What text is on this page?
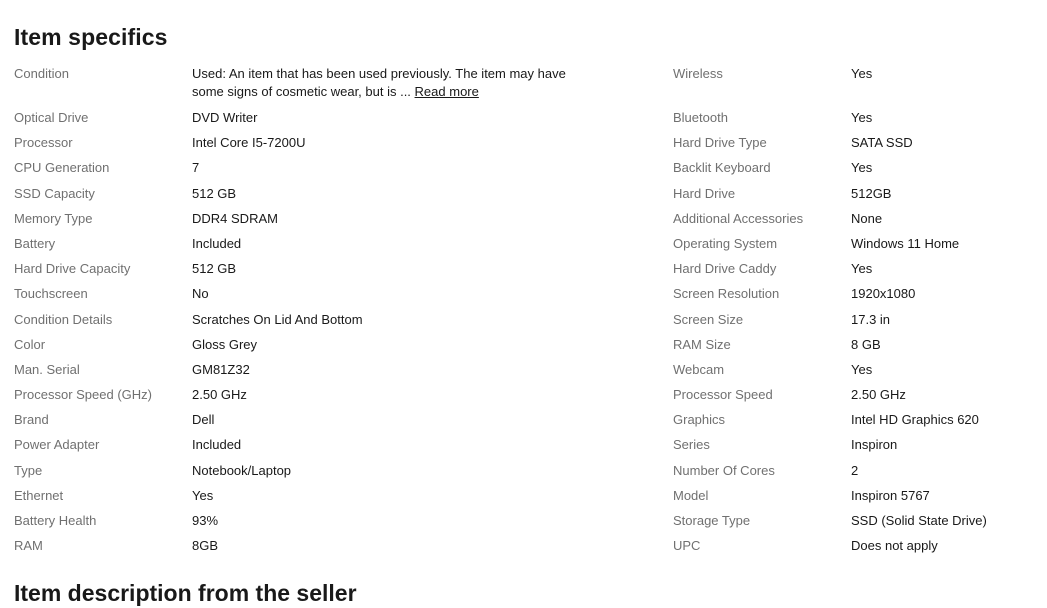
Item specifics
Condition	Used: An item that has been used previously. The item may have some signs of cosmetic wear, but is ... Read more
Optical Drive	DVD Writer
Processor	Intel Core I5-7200U
CPU Generation	7
SSD Capacity	512 GB
Memory Type	DDR4 SDRAM
Battery	Included
Hard Drive Capacity	512 GB
Touchscreen	No
Condition Details	Scratches On Lid And Bottom
Color	Gloss Grey
Man. Serial	GM81Z32
Processor Speed (GHz)	2.50 GHz
Brand	Dell
Power Adapter	Included
Type	Notebook/Laptop
Ethernet	Yes
Battery Health	93%
RAM	8GB
Wireless	Yes
Bluetooth	Yes
Hard Drive Type	SATA SSD
Backlit Keyboard	Yes
Hard Drive	512GB
Additional Accessories	None
Operating System	Windows 11 Home
Hard Drive Caddy	Yes
Screen Resolution	1920x1080
Screen Size	17.3 in
RAM Size	8 GB
Webcam	Yes
Processor Speed	2.50 GHz
Graphics	Intel HD Graphics 620
Series	Inspiron
Number Of Cores	2
Model	Inspiron 5767
Storage Type	SSD (Solid State Drive)
UPC	Does not apply
Item description from the seller
